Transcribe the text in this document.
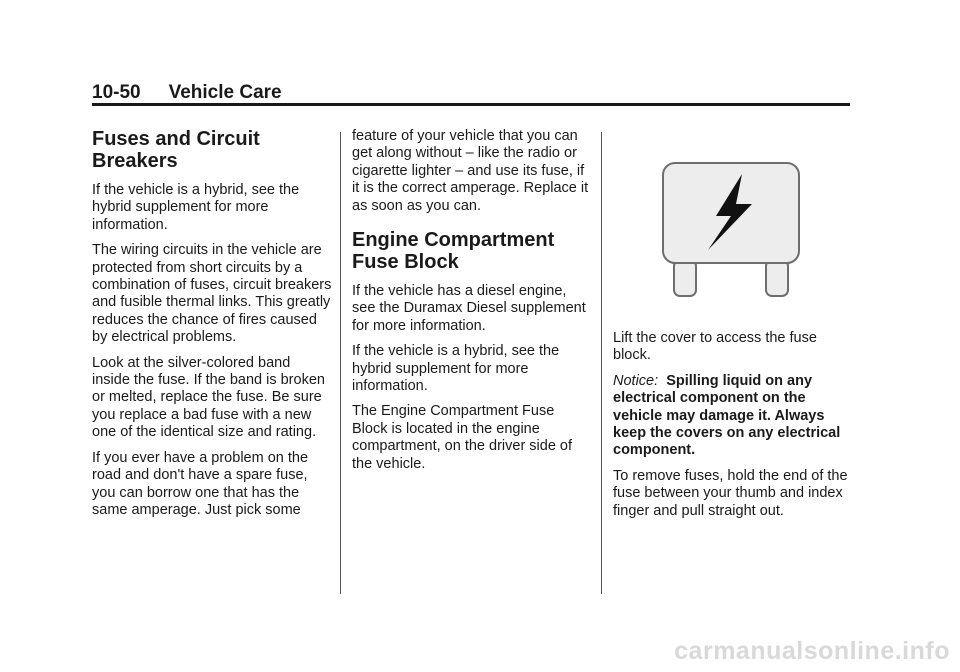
10-50 Vehicle Care
Fuses and Circuit Breakers

If the vehicle is a hybrid, see the hybrid supplement for more information.

The wiring circuits in the vehicle are protected from short circuits by a combination of fuses, circuit breakers and fusible thermal links. This greatly reduces the chance of fires caused by electrical problems.

Look at the silver-colored band inside the fuse. If the band is broken or melted, replace the fuse. Be sure you replace a bad fuse with a new one of the identical size and rating.

If you ever have a problem on the road and don't have a spare fuse, you can borrow one that has the same amperage. Just pick some

feature of your vehicle that you can get along without – like the radio or cigarette lighter – and use its fuse, if it is the correct amperage. Replace it as soon as you can.

Engine Compartment Fuse Block

If the vehicle has a diesel engine, see the Duramax Diesel supplement for more information.

If the vehicle is a hybrid, see the hybrid supplement for more information.

The Engine Compartment Fuse Block is located in the engine compartment, on the driver side of the vehicle.

Lift the cover to access the fuse block.

Notice: Spilling liquid on any electrical component on the vehicle may damage it. Always keep the covers on any electrical component.

To remove fuses, hold the end of the fuse between your thumb and index finger and pull straight out.

carmanualsonline.info
